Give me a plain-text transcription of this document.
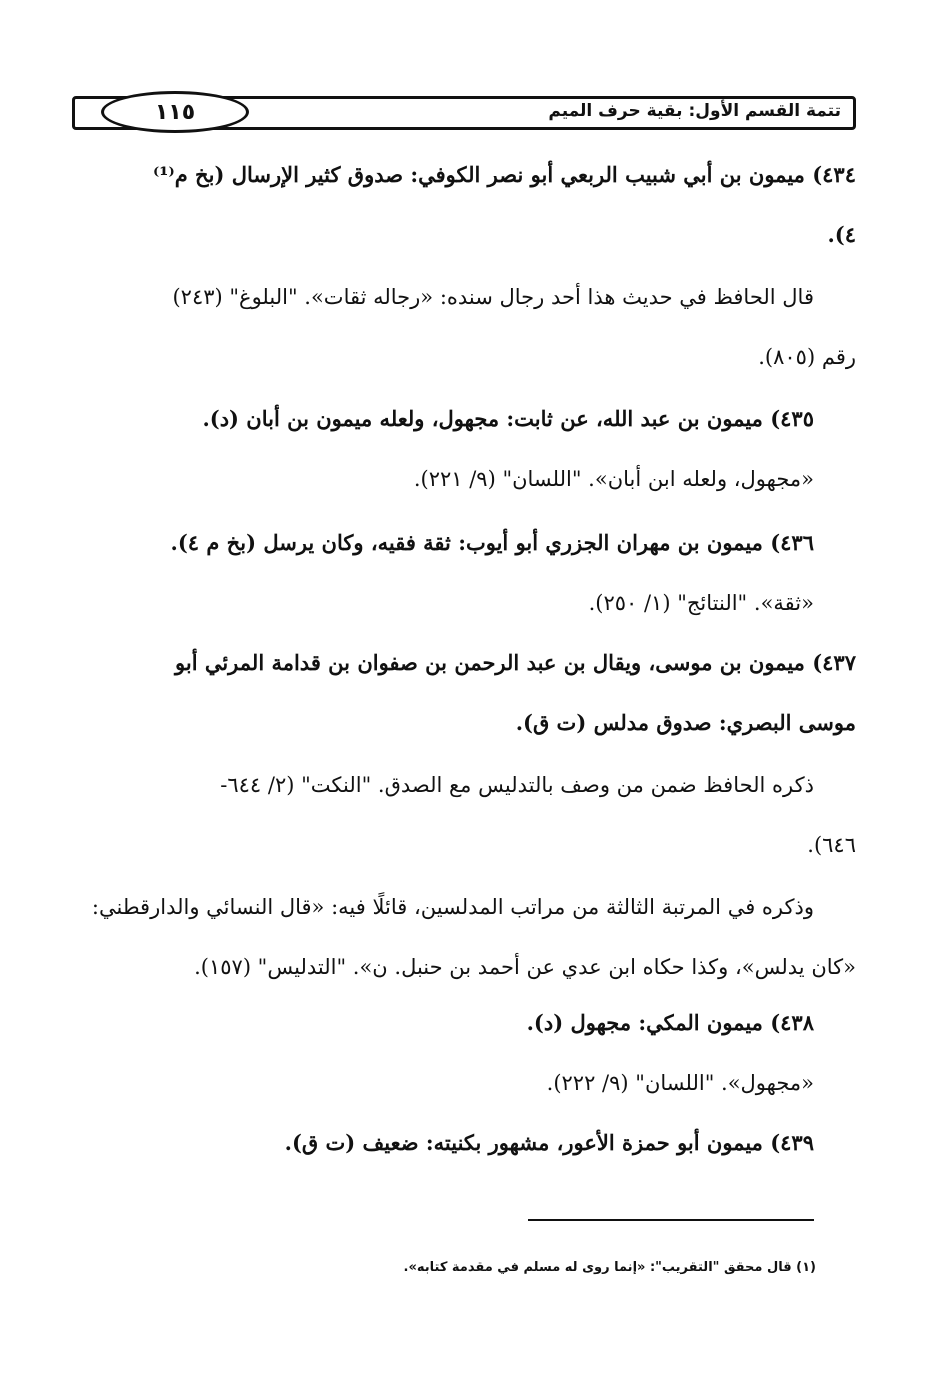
تتمة القسم الأول: بقية حرف الميم
١١٥
٤٣٤) ميمون بن أبي شبيب الربعي أبو نصر الكوفي: صدوق كثير الإرسال (بخ م⁽¹⁾
٤).
قال الحافظ في حديث هذا أحد رجال سنده: «رجاله ثقات». "البلوغ" (٢٤٣)
رقم (٨٠٥).
٤٣٥) ميمون بن عبد الله، عن ثابت: مجهول، ولعله ميمون بن أبان (د).
«مجهول، ولعله ابن أبان». "اللسان" (٩/ ٢٢١).
٤٣٦) ميمون بن مهران الجزري أبو أيوب: ثقة فقيه، وكان يرسل (بخ م ٤).
«ثقة». "النتائج" (١/ ٢٥٠).
٤٣٧) ميمون بن موسى، ويقال بن عبد الرحمن بن صفوان بن قدامة المرئي أبو
موسى البصري: صدوق مدلس (ت ق).
ذكره الحافظ ضمن من وصف بالتدليس مع الصدق. "النكت" (٢/ ٦٤٤-
٦٤٦).
وذكره في المرتبة الثالثة من مراتب المدلسين، قائلًا فيه: «قال النسائي والدارقطني:
«كان يدلس»، وكذا حكاه ابن عدي عن أحمد بن حنبل. ن». "التدليس" (١٥٧).
٤٣٨) ميمون المكي: مجهول (د).
«مجهول». "اللسان" (٩/ ٢٢٢).
٤٣٩) ميمون أبو حمزة الأعور، مشهور بكنيته: ضعيف (ت ق).
(١) قال محقق "التقريب": «إنما روى له مسلم في مقدمة كتابه».
